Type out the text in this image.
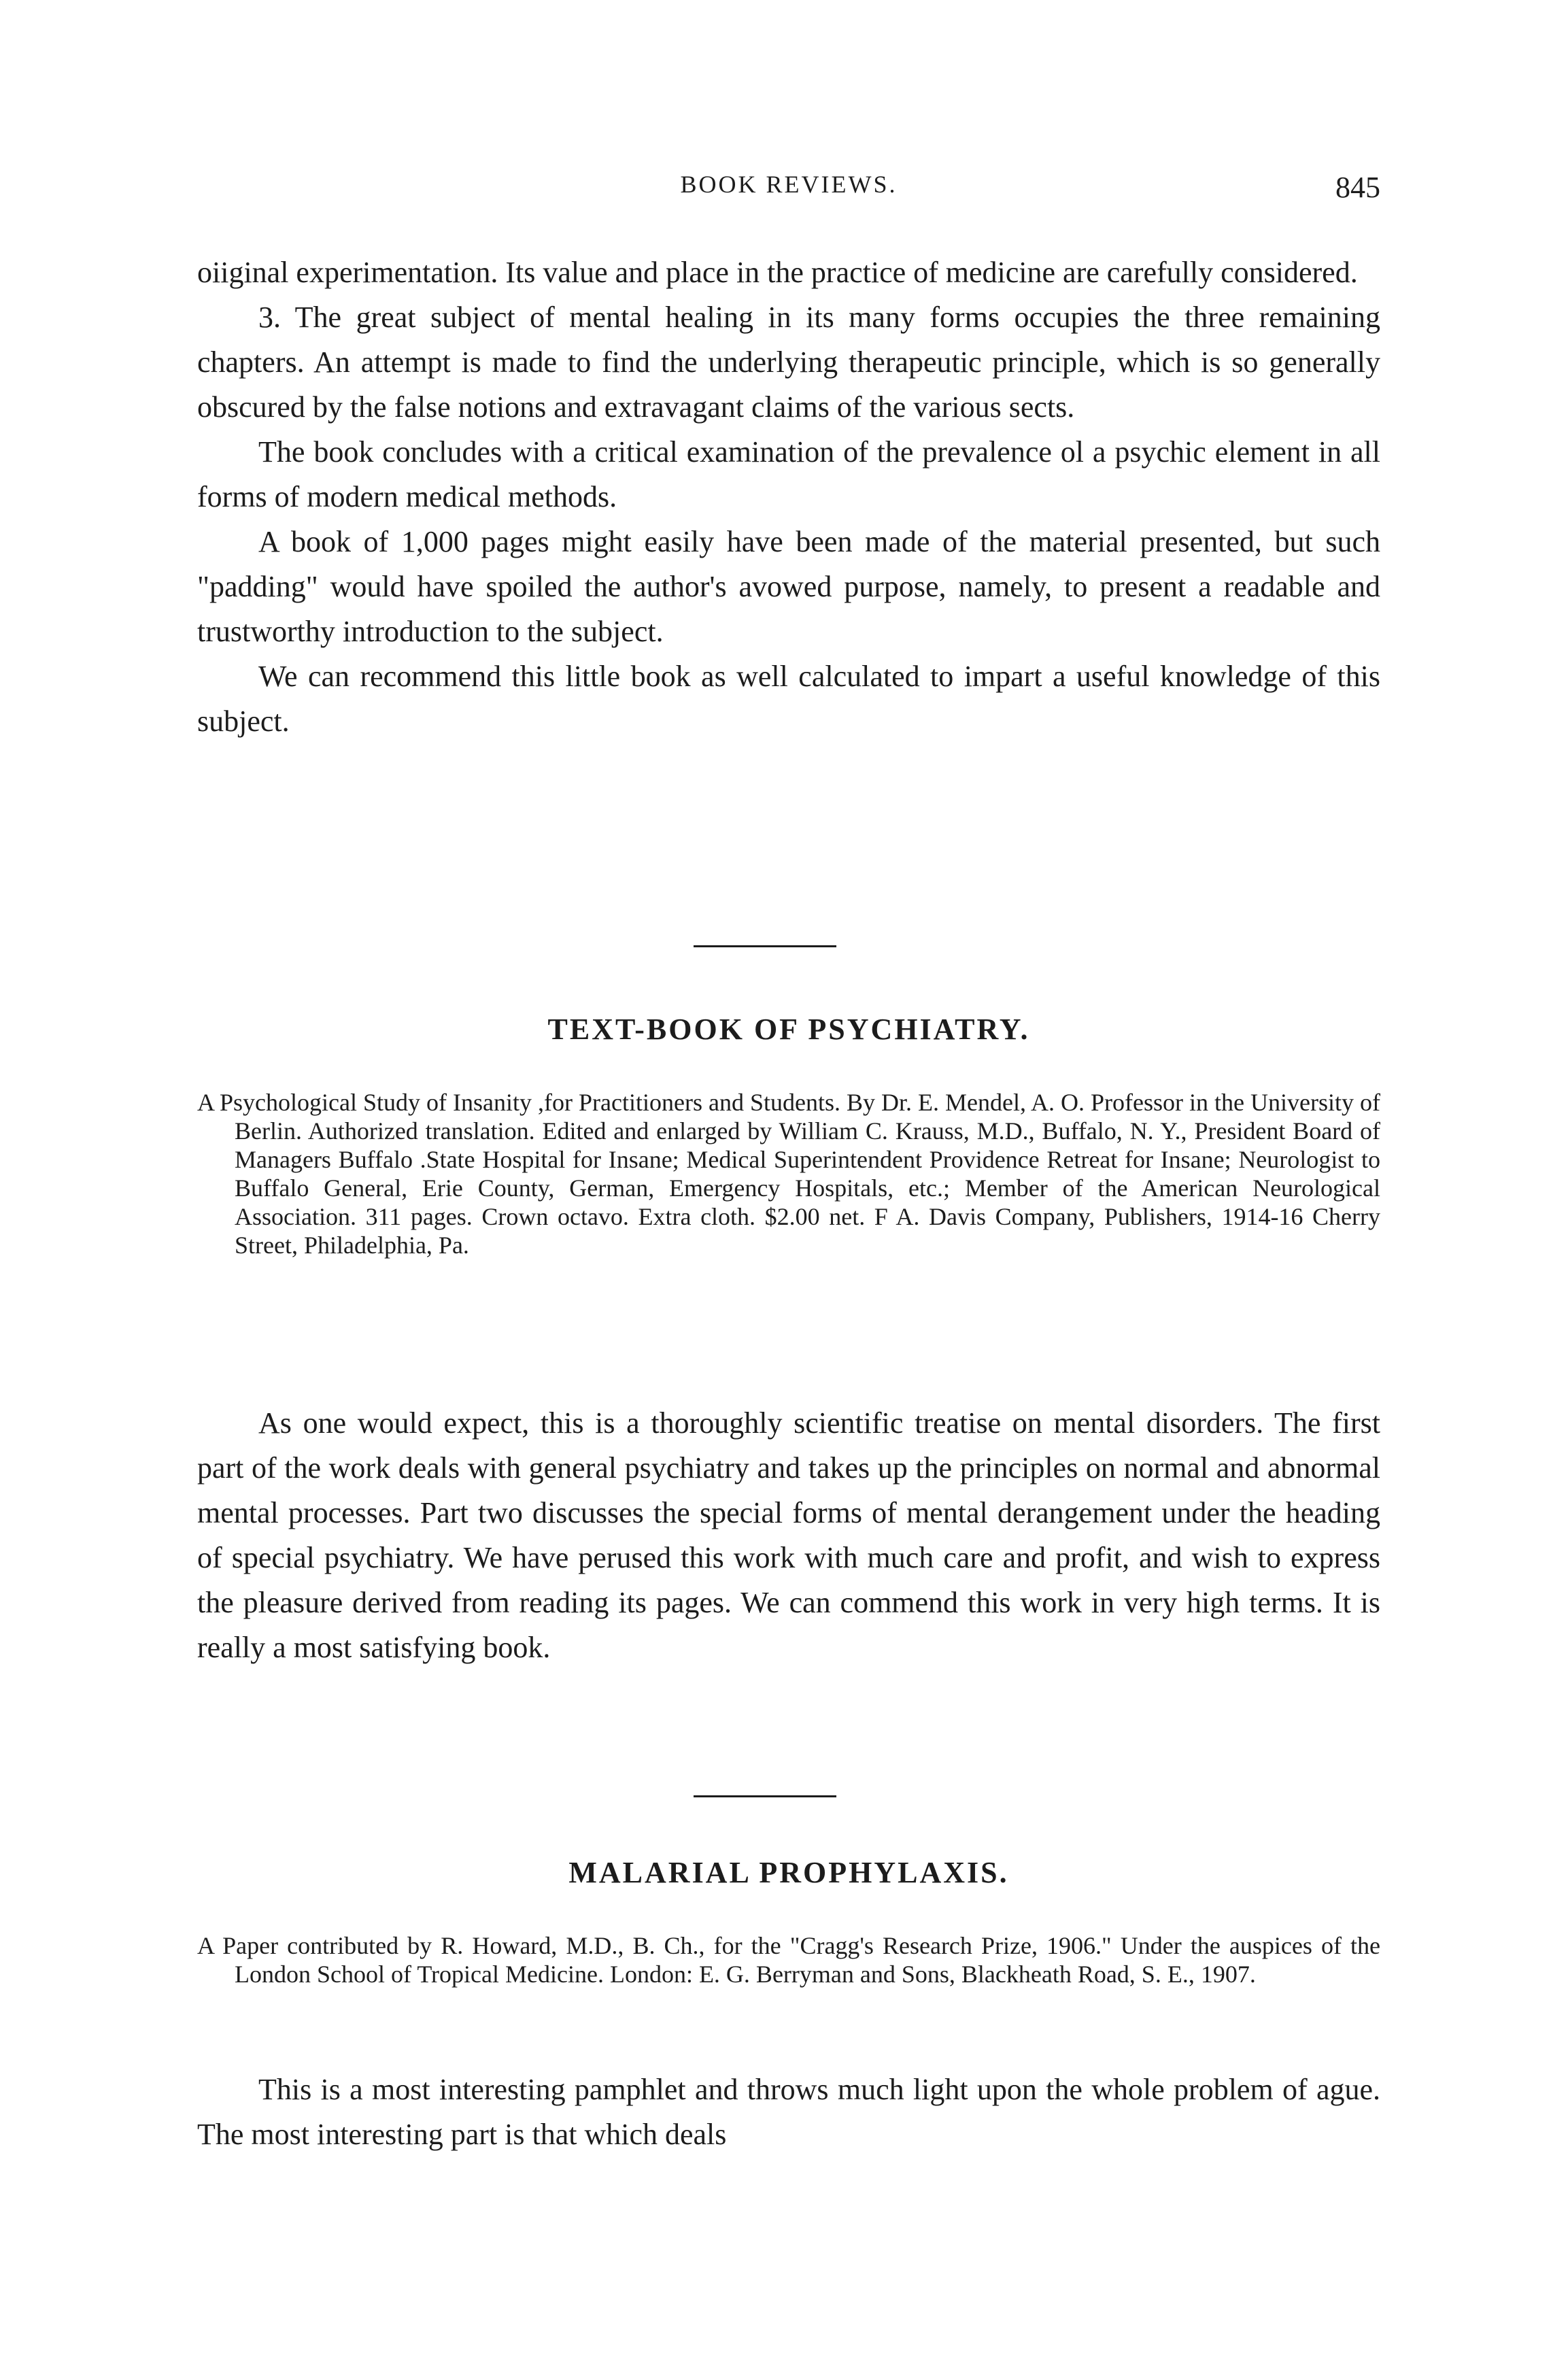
BOOK REVIEWS.	845

oiiginal experimentation. Its value and place in the practice of medicine are carefully considered.

3. The great subject of mental healing in its many forms occupies the three remaining chapters. An attempt is made to find the underlying therapeutic principle, which is so generally obscured by the false notions and extravagant claims of the various sects.

The book concludes with a critical examination of the prevalence ol a psychic element in all forms of modern medical methods.

A book of 1,000 pages might easily have been made of the material presented, but such "padding" would have spoiled the author's avowed purpose, namely, to present a readable and trustworthy introduction to the subject.

We can recommend this little book as well calculated to impart a useful knowledge of this subject.

TEXT-BOOK OF PSYCHIATRY.

A Psychological Study of Insanity ,for Practitioners and Students. By Dr. E. Mendel, A. O. Professor in the University of Berlin. Authorized translation. Edited and enlarged by William C. Krauss, M.D., Buffalo, N. Y., President Board of Managers Buffalo .State Hospital for Insane; Medical Superintendent Providence Retreat for Insane; Neurologist to Buffalo General, Erie County, German, Emergency Hospitals, etc.; Member of the American Neurological Association. 311 pages. Crown octavo. Extra cloth. $2.00 net. F A. Davis Company, Publishers, 1914-16 Cherry Street, Philadelphia, Pa.

As one would expect, this is a thoroughly scientific treatise on mental disorders. The first part of the work deals with general psychiatry and takes up the principles on normal and abnormal mental processes. Part two discusses the special forms of mental derangement under the heading of special psychiatry. We have perused this work with much care and profit, and wish to express the pleasure derived from reading its pages. We can commend this work in very high terms. It is really a most satisfying book.

MALARIAL PROPHYLAXIS.

A Paper contributed by R. Howard, M.D., B. Ch., for the "Cragg's Research Prize, 1906." Under the auspices of the London School of Tropical Medicine. London: E. G. Berryman and Sons, Blackheath Road, S. E., 1907.

This is a most interesting pamphlet and throws much light upon the whole problem of ague. The most interesting part is that which deals
